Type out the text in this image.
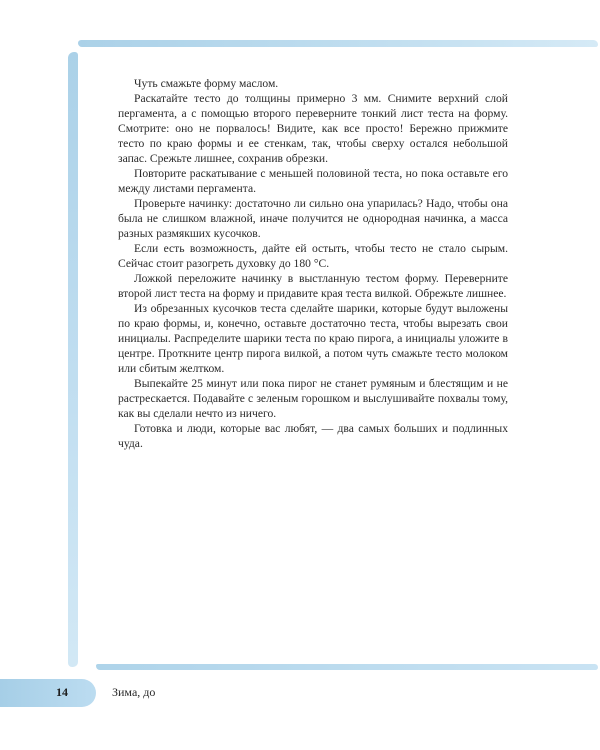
Чуть смажьте форму маслом.

Раскатайте тесто до толщины примерно 3 мм. Снимите верхний слой пергамента, а с помощью второго переверните тонкий лист теста на форму. Смотрите: оно не порвалось! Видите, как все просто! Бережно прижмите тесто по краю формы и ее стенкам, так, чтобы сверху остался небольшой запас. Срежьте лишнее, сохранив обрезки.

Повторите раскатывание с меньшей половиной теста, но пока оставьте его между листами пергамента.

Проверьте начинку: достаточно ли сильно она упарилась? Надо, чтобы она была не слишком влажной, иначе получится не однородная начинка, а масса разных размякших кусочков.

Если есть возможность, дайте ей остыть, чтобы тесто не стало сырым. Сейчас стоит разогреть духовку до 180 °C.

Ложкой переложите начинку в выстланную тестом форму. Переверните второй лист теста на форму и придавите края теста вилкой. Обрежьте лишнее.

Из обрезанных кусочков теста сделайте шарики, которые будут выложены по краю формы, и, конечно, оставьте достаточно теста, чтобы вырезать свои инициалы. Распределите шарики теста по краю пирога, а инициалы уложите в центре. Проткните центр пирога вилкой, а потом чуть смажьте тесто молоком или сбитым желтком.

Выпекайте 25 минут или пока пирог не станет румяным и блестящим и не растрескается. Подавайте с зеленым горошком и выслушивайте похвалы тому, как вы сделали нечто из ничего.

Готовка и люди, которые вас любят, — два самых больших и подлинных чуда.

14	Зима, до
